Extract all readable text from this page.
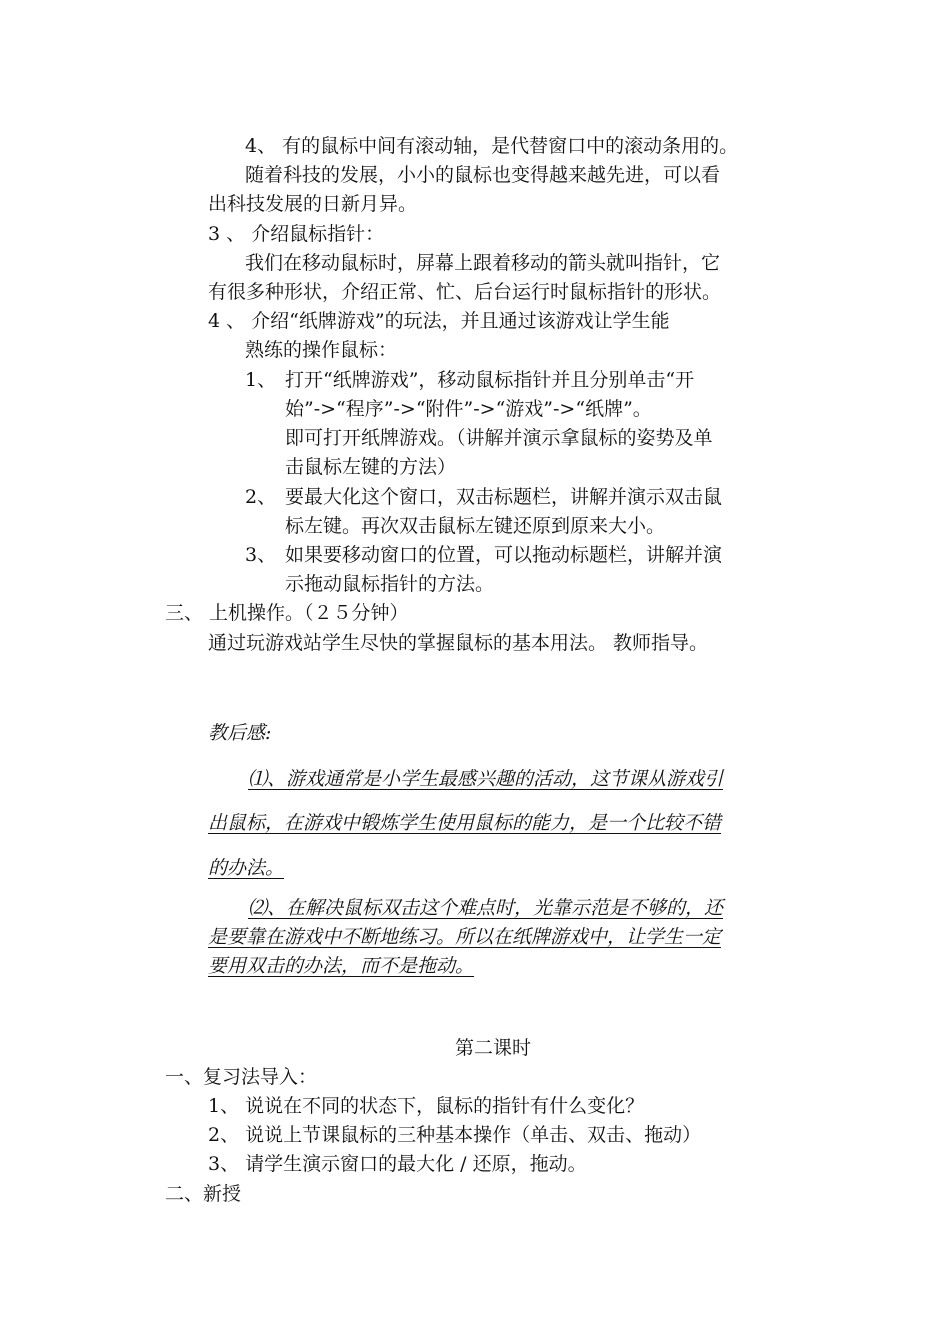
4、 有的鼠标中间有滚动轴，是代替窗口中的滚动条用的。
随着科技的发展，小小的鼠标也变得越来越先进，可以看
出科技发展的日新月异。
3 、 介绍鼠标指针：
我们在移动鼠标时，屏幕上跟着移动的箭头就叫指针，它
有很多种形状，介绍正常、忙、后台运行时鼠标指针的形状。
4 、 介绍“纸牌游戏”的玩法，并且通过该游戏让学生能
熟练的操作鼠标：
1、 打开“纸牌游戏”，移动鼠标指针并且分别单击“开
始”->“程序”->“附件”->“游戏”->“纸牌”。
即可打开纸牌游戏。（讲解并演示拿鼠标的姿势及单
击鼠标左键的方法）
2、 要最大化这个窗口，双击标题栏，讲解并演示双击鼠
标左键。再次双击鼠标左键还原到原来大小。
3、 如果要移动窗口的位置，可以拖动标题栏，讲解并演
示拖动鼠标指针的方法。
三、 上机操作。（２５分钟）
通过玩游戏站学生尽快的掌握鼠标的基本用法。 教师指导。
教后感:
⑴、游戏通常是小学生最感兴趣的活动，这节课从游戏引
出鼠标，在游戏中锻炼学生使用鼠标的能力，是一个比较不错
的办法。
⑵、在解决鼠标双击这个难点时，光靠示范是不够的，还
是要靠在游戏中不断地练习。所以在纸牌游戏中，让学生一定
要用双击的办法，而不是拖动。
第二课时
一、复习法导入：
1、 说说在不同的状态下，鼠标的指针有什么变化？
2、 说说上节课鼠标的三种基本操作（单击、双击、拖动）
3、 请学生演示窗口的最大化 / 还原，拖动。
二、新授
